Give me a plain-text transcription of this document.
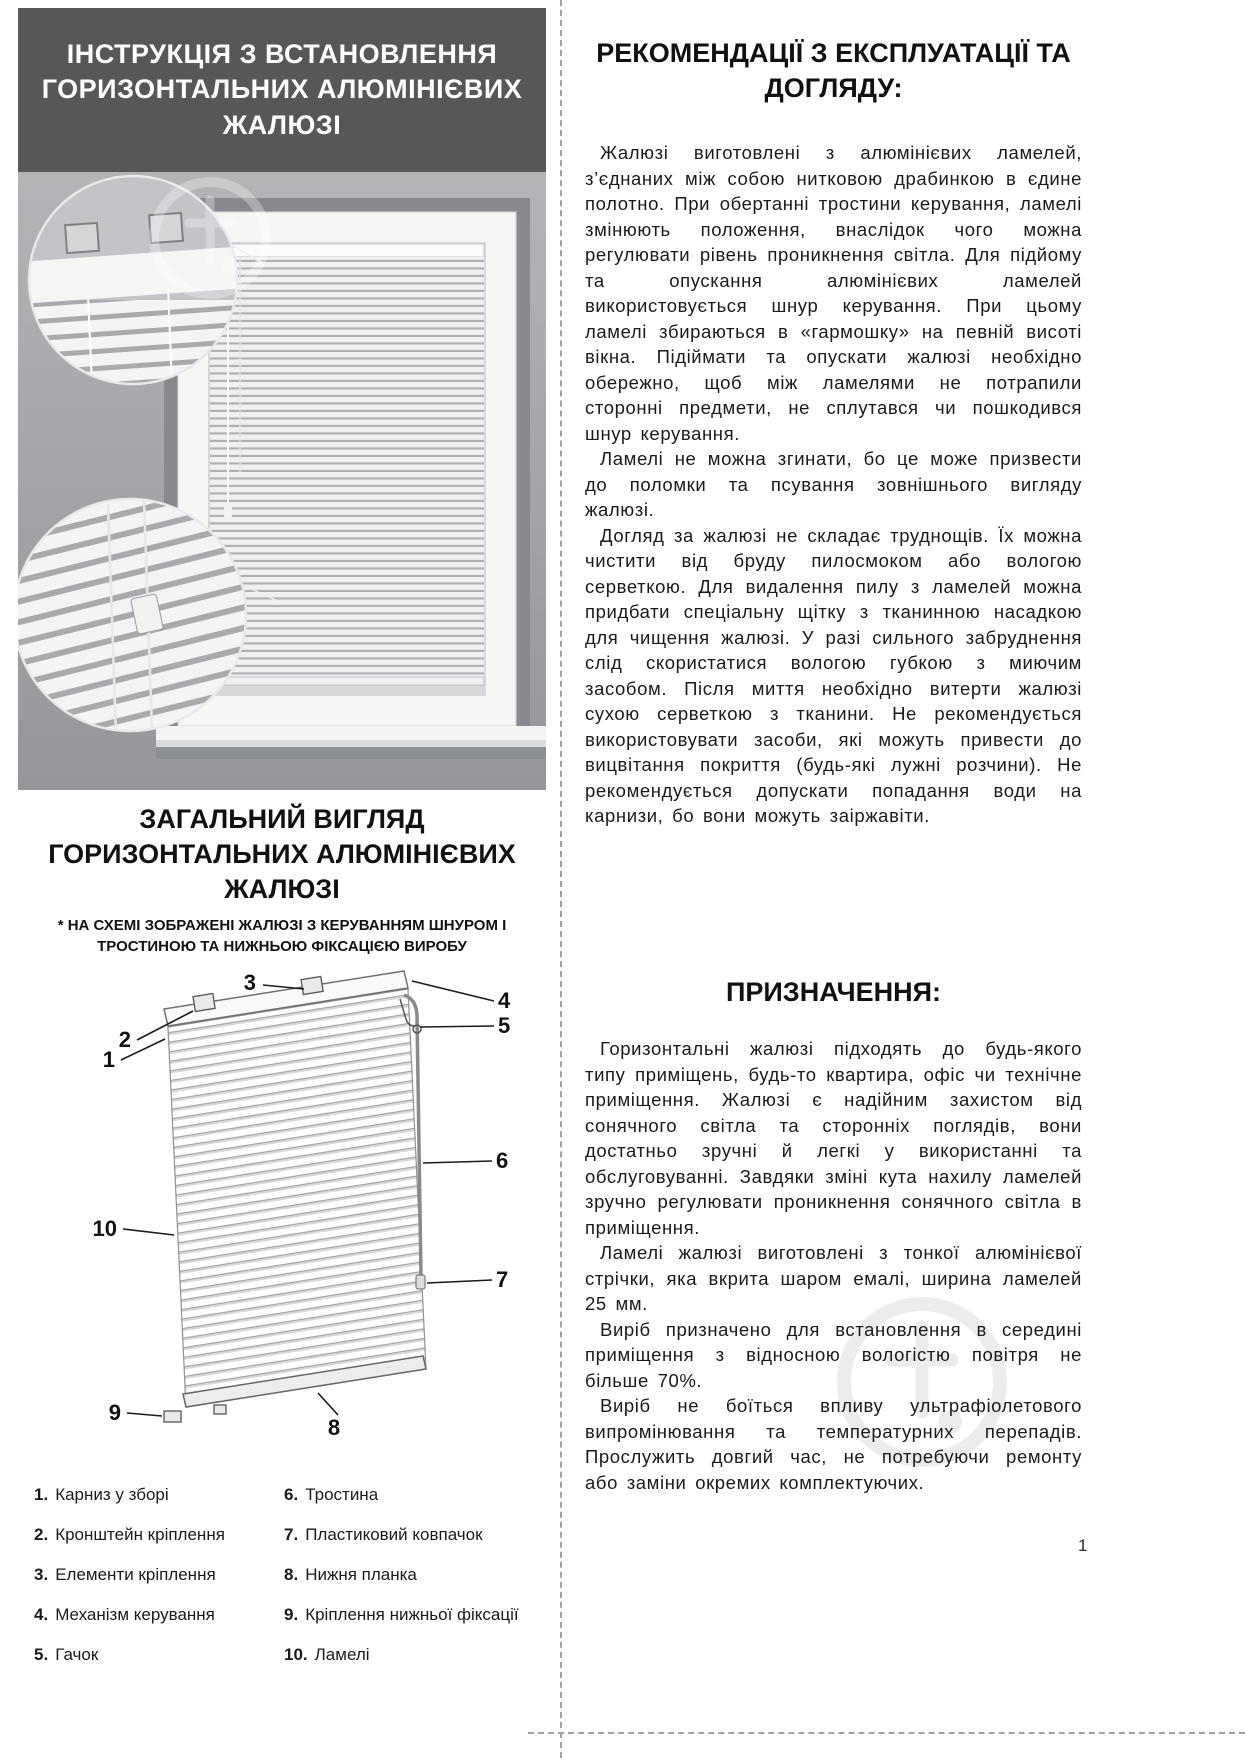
ІНСТРУКЦІЯ З ВСТАНОВЛЕННЯ ГОРИЗОНТАЛЬНИХ АЛЮМІНІЄВИХ ЖАЛЮЗІ
ЗАГАЛЬНИЙ ВИГЛЯД ГОРИЗОНТАЛЬНИХ АЛЮМІНІЄВИХ ЖАЛЮЗІ

* НА СХЕМІ ЗОБРАЖЕНІ ЖАЛЮЗІ З КЕРУВАННЯМ ШНУРОМ І ТРОСТИНОЮ ТА НИЖНЬОЮ ФІКСАЦІЄЮ ВИРОБУ

1
2
3
4
5
6
7
8
9
10
1. Карниз у зборі
2. Кронштейн кріплення
3. Елементи кріплення
4. Механізм керування
5. Гачок
6. Тростина
7. Пластиковий ковпачок
8. Нижня планка
9. Кріплення нижньої фіксації
10. Ламелі
РЕКОМЕНДАЦІЇ З ЕКСПЛУАТАЦІЇ ТА ДОГЛЯДУ:

Жалюзі виготовлені з алюмінієвих ламелей, з’єднаних між собою нитковою драбинкою в єдине полотно. При обертанні тростини керування, ламелі змінюють положення, внаслідок чого можна регулювати рівень проникнення світла. Для підйому та опускання алюмінієвих ламелей використовується шнур керування. При цьому ламелі збираються в «гармошку» на певній висоті вікна. Підіймати та опускати жалюзі необхідно обережно, щоб між ламелями не потрапили сторонні предмети, не сплутався чи пошкодився шнур керування.

Ламелі не можна згинати, бо це може призвести до поломки та псування зовнішнього вигляду жалюзі.

Догляд за жалюзі не складає труднощів. Їх можна чистити від бруду пилосмоком або вологою серветкою. Для видалення пилу з ламелей можна придбати спеціальну щітку з тканинною насадкою для чищення жалюзі. У разі сильного забруднення слід скористатися вологою губкою з миючим засобом. Після миття необхідно витерти жалюзі сухою серветкою з тканини. Не рекомендується використовувати засоби, які можуть привести до вицвітання покриття (будь-які лужні розчини). Не рекомендується допускати попадання води на карнизи, бо вони можуть заіржавіти.

ПРИЗНАЧЕННЯ:

Горизонтальні жалюзі підходять до будь-якого типу приміщень, будь-то квартира, офіс чи технічне приміщення. Жалюзі є надійним захистом від сонячного світла та сторонніх поглядів, вони достатньо зручні й легкі у використанні та обслуговуванні. Завдяки зміні кута нахилу ламелей зручно регулювати проникнення сонячного світла в приміщення.

Ламелі жалюзі виготовлені з тонкої алюмінієвої стрічки, яка вкрита шаром емалі, ширина ламелей 25 мм.

Виріб призначено для встановлення в середині приміщення з відносною вологістю повітря не більше 70%.

Виріб не боїться впливу ультрафіолетового випромінювання та температурних перепадів. Прослужить довгий час, не потребуючи ремонту або заміни окремих комплектуючих.

1
